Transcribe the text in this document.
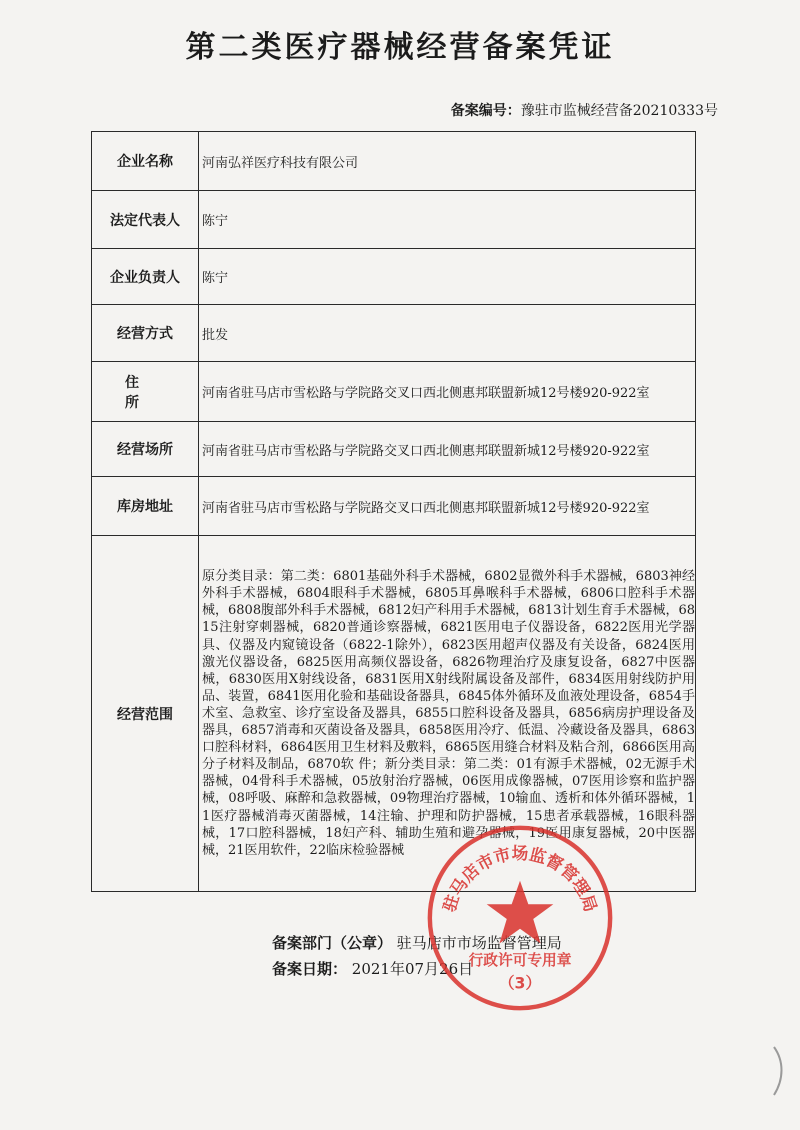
第二类医疗器械经营备案凭证
备案编号：豫驻市监械经营备20210333号
企业名称	河南弘祥医疗科技有限公司
法定代表人	陈宁
企业负责人	陈宁
经营方式	批发
住 所	河南省驻马店市雪松路与学院路交叉口西北侧惠邦联盟新城12号楼920-922室
经营场所	河南省驻马店市雪松路与学院路交叉口西北侧惠邦联盟新城12号楼920-922室
库房地址	河南省驻马店市雪松路与学院路交叉口西北侧惠邦联盟新城12号楼920-922室
经营范围	原分类目录：第二类：6801基础外科手术器械，6802显微外科手术器械，6803神经外科手术器械，6804眼科手术器械，6805耳鼻喉科手术器械，6806口腔科手术器械，6808腹部外科手术器械，6812妇产科用手术器械，6813计划生育手术器械，6815注射穿刺器械，6820普通诊察器械，6821医用电子仪器设备，6822医用光学器具、仪器及内窥镜设备（6822-1除外），6823医用超声仪器及有关设备，6824医用激光仪器设备，6825医用高频仪器设备，6826物理治疗及康复设备，6827中医器械，6830医用X射线设备，6831医用X射线附属设备及部件，6834医用射线防护用品、装置，6841医用化验和基础设备器具，6845体外循环及血液处理设备，6854手术室、急救室、诊疗室设备及器具，6855口腔科设备及器具，6856病房护理设备及器具，6857消毒和灭菌设备及器具，6858医用冷疗、低温、冷藏设备及器具，6863口腔科材料，6864医用卫生材料及敷料，6865医用缝合材料及粘合剂，6866医用高分子材料及制品，6870软 件；新分类目录：第二类：01有源手术器械，02无源手术器械，04骨科手术器械，05放射治疗器械，06医用成像器械，07医用诊察和监护器械，08呼吸、麻醉和急救器械，09物理治疗器械，10输血、透析和体外循环器械，11医疗器械消毒灭菌器械，14注输、护理和防护器械，15患者承载器械，16眼科器械，17口腔科器械，18妇产科、辅助生殖和避孕器械，19医用康复器械，20中医器械，21医用软件，22临床检验器械
备案部门（公章） 驻马店市市场监督管理局
备案日期： 2021年07月26日
驻马店市市场监督管理局
行政许可专用章
（3）
